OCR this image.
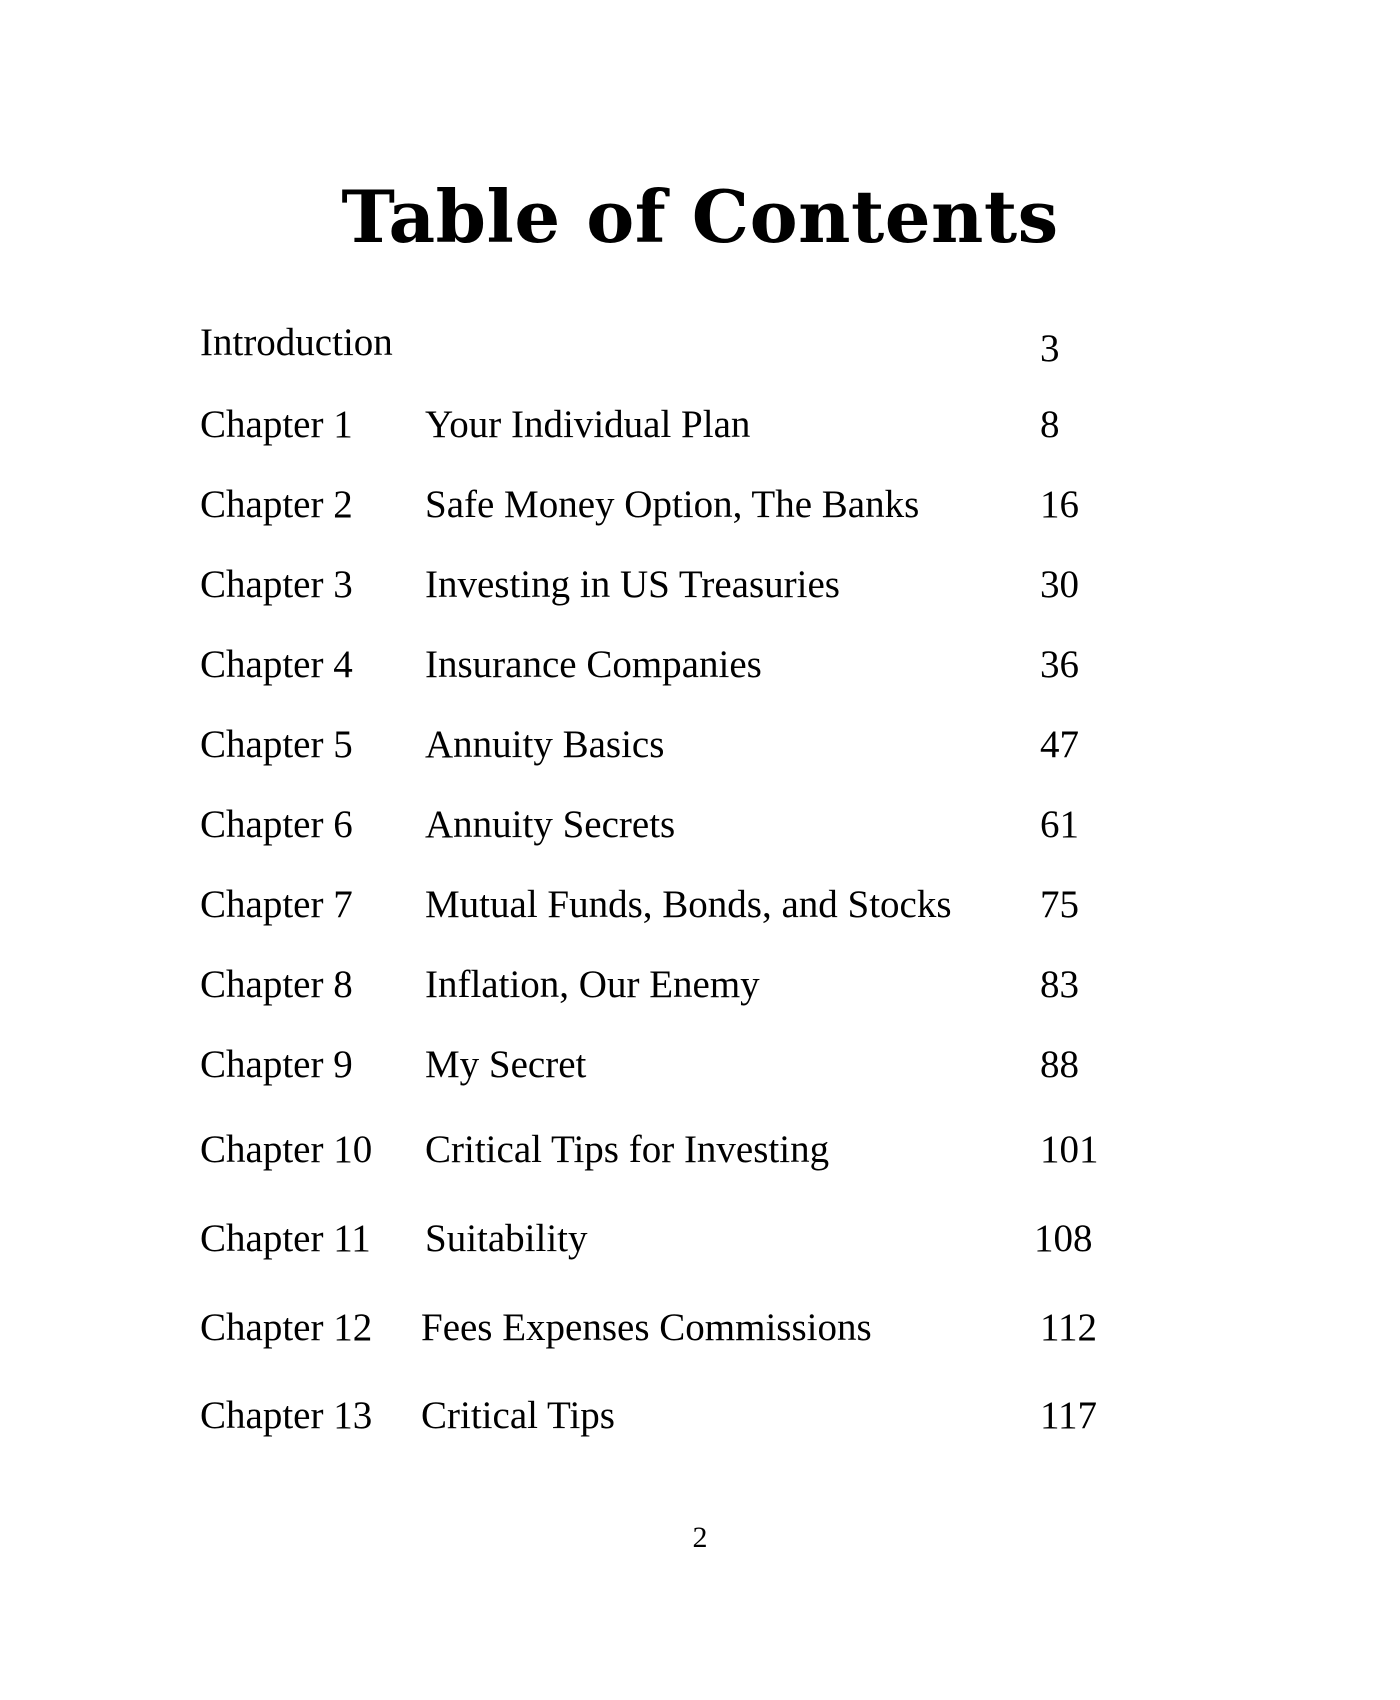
Table of Contents
Introduction	3
Chapter 1 Your Individual Plan	8
Chapter 2 Safe Money Option, The Banks	16
Chapter 3 Investing in US Treasuries	30
Chapter 4 Insurance Companies	36
Chapter 5 Annuity Basics	47
Chapter 6 Annuity Secrets	61
Chapter 7 Mutual Funds, Bonds, and Stocks 75
Chapter 8 Inflation, Our Enemy	83
Chapter 9 My Secret	88
Chapter 10 Critical Tips for Investing	101
Chapter 11 Suitability	108
Chapter 12 Fees Expenses Commissions	112
Chapter 13 Critical Tips	117
2
